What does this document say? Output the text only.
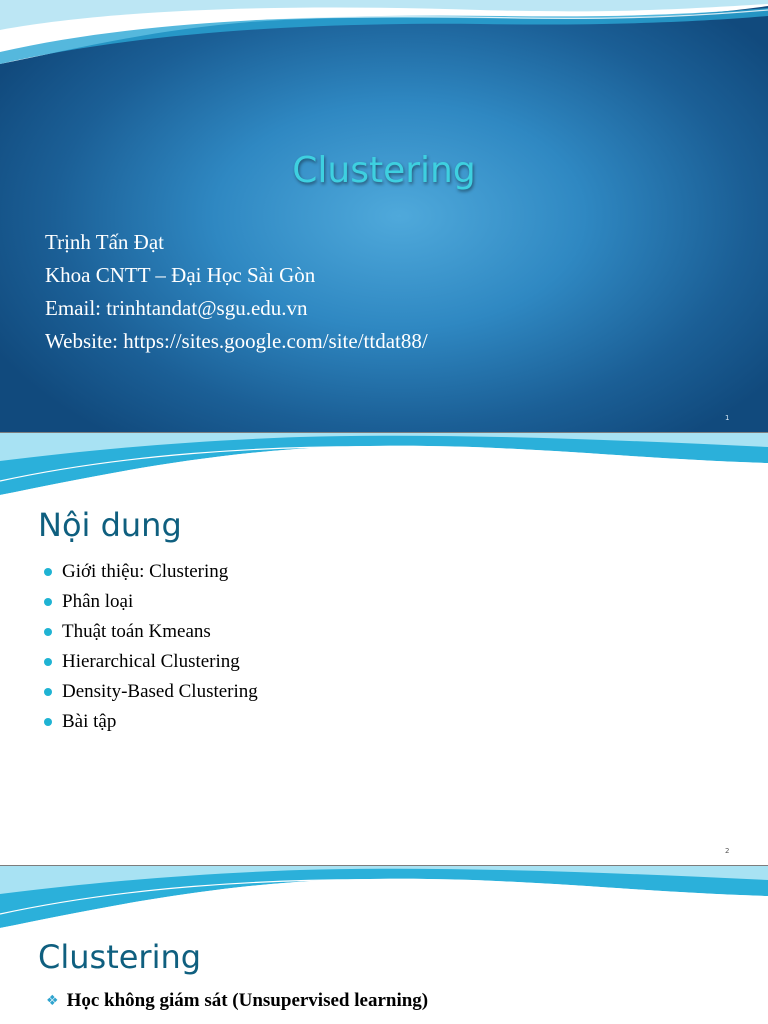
Clustering
Trịnh Tấn Đạt
Khoa CNTT – Đại Học Sài Gòn
Email: trinhtandat@sgu.edu.vn
Website: https://sites.google.com/site/ttdat88/
1
Nội dung
Giới thiệu: Clustering
Phân loại
Thuật toán Kmeans
Hierarchical Clustering
Density-Based Clustering
Bài tập
2
Clustering
❖ Học không giám sát (Unsupervised learning)
